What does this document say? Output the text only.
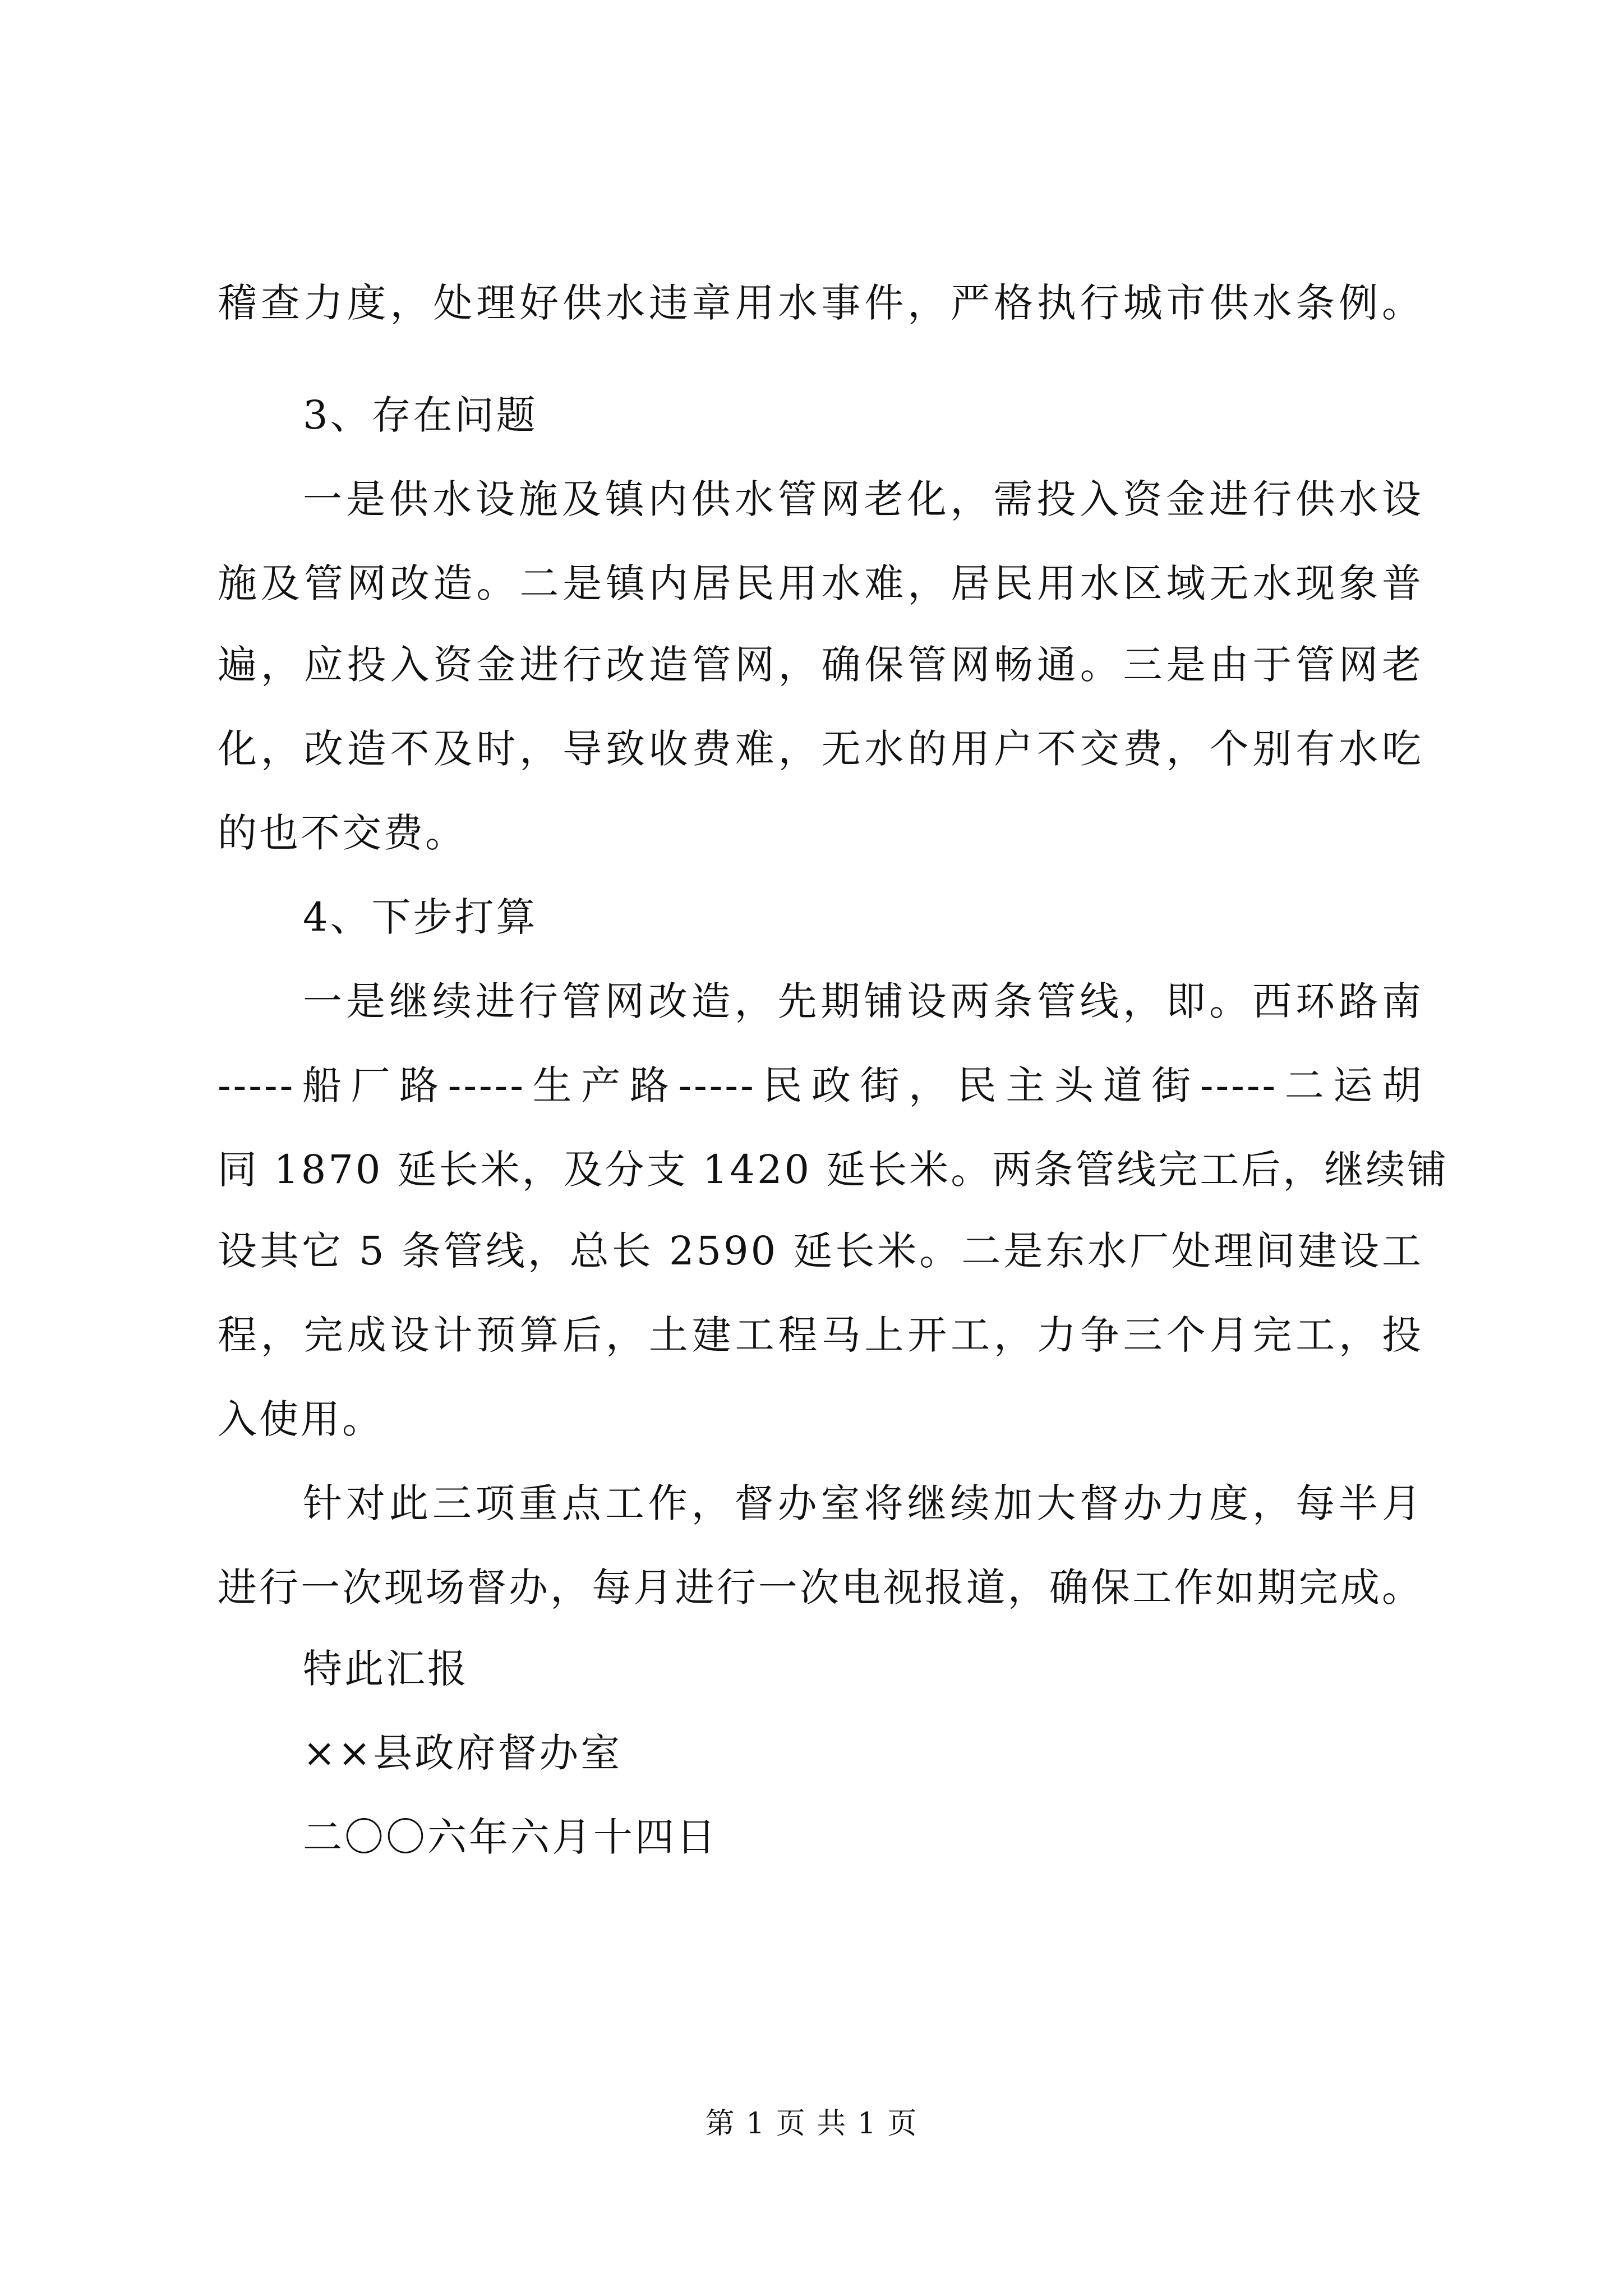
稽查力度，处理好供水违章用水事件，严格执行城市供水条例。
3、存在问题
一是供水设施及镇内供水管网老化，需投入资金进行供水设
施及管网改造。二是镇内居民用水难，居民用水区域无水现象普
遍，应投入资金进行改造管网，确保管网畅通。三是由于管网老
化，改造不及时，导致收费难，无水的用户不交费，个别有水吃
的也不交费。
4、下步打算
一是继续进行管网改造，先期铺设两条管线，即。西环路南
-----船厂路-----生产路-----民政街，民主头道街-----二运胡
同 1870 延长米，及分支 1420 延长米。两条管线完工后，继续铺
设其它 5 条管线，总长 2590 延长米。二是东水厂处理间建设工
程，完成设计预算后，土建工程马上开工，力争三个月完工，投
入使用。
针对此三项重点工作，督办室将继续加大督办力度，每半月
进行一次现场督办，每月进行一次电视报道，确保工作如期完成。
特此汇报
××县政府督办室
二〇〇六年六月十四日
第 1 页 共 1 页
